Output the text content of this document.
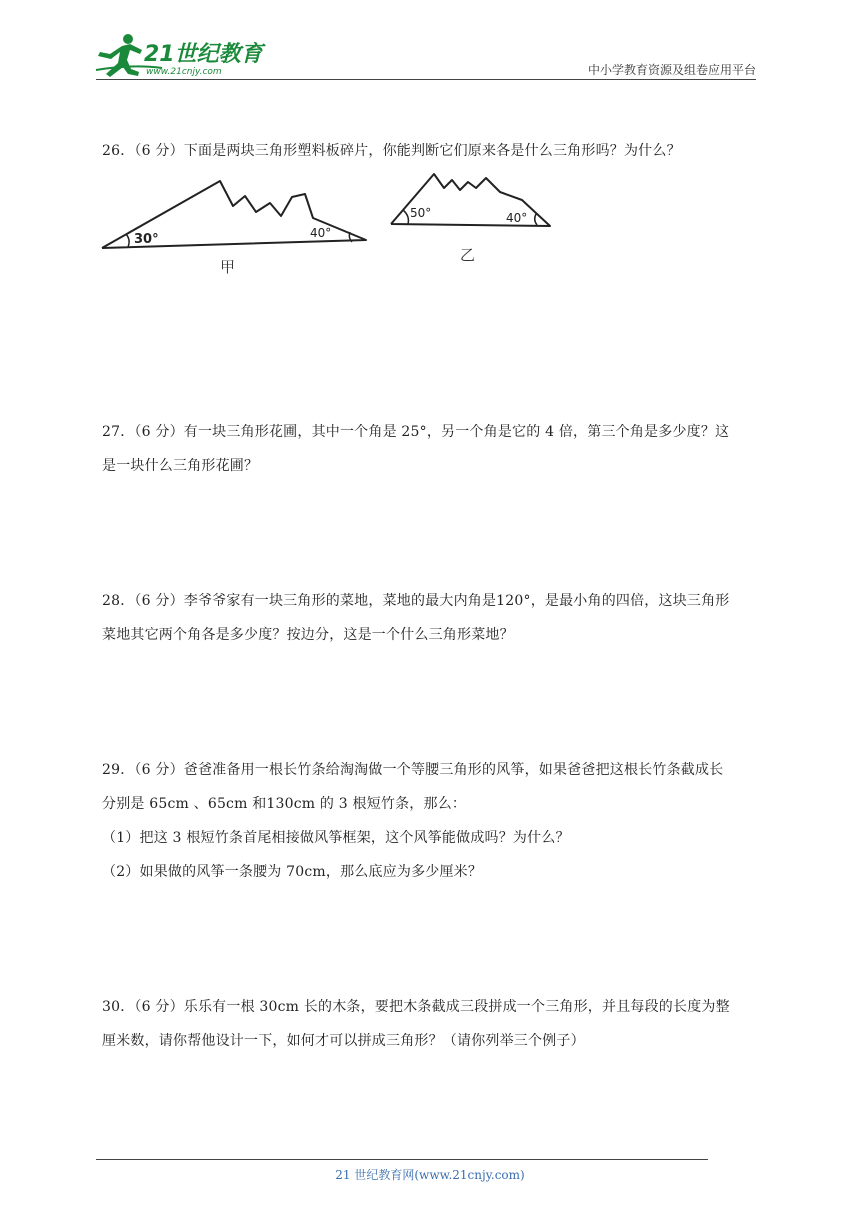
21世纪教育
www.21cnjy.com	中小学教育资源及组卷应用平台

26．（6 分）下面是两块三角形塑料板碎片，你能判断它们原来各是什么三角形吗？为什么？

30°	40°
甲
50°	40°
乙

27．（6 分）有一块三角形花圃，其中一个角是 25°，另一个角是它的 4 倍，第三个角是多少度？这

是一块什么三角形花圃？

28．（6 分）李爷爷家有一块三角形的菜地，菜地的最大内角是120°，是最小角的四倍，这块三角形

菜地其它两个角各是多少度？按边分，这是一个什么三角形菜地？

29．（6 分）爸爸准备用一根长竹条给淘淘做一个等腰三角形的风筝，如果爸爸把这根长竹条截成长

分别是 65cm 、65cm 和130cm 的 3 根短竹条，那么：

（1）把这 3 根短竹条首尾相接做风筝框架，这个风筝能做成吗？为什么？

（2）如果做的风筝一条腰为 70cm，那么底应为多少厘米？

30．（6 分）乐乐有一根 30cm 长的木条，要把木条截成三段拼成一个三角形，并且每段的长度为整

厘米数，请你帮他设计一下，如何才可以拼成三角形？（请你列举三个例子）

21 世纪教育网(www.21cnjy.com)
